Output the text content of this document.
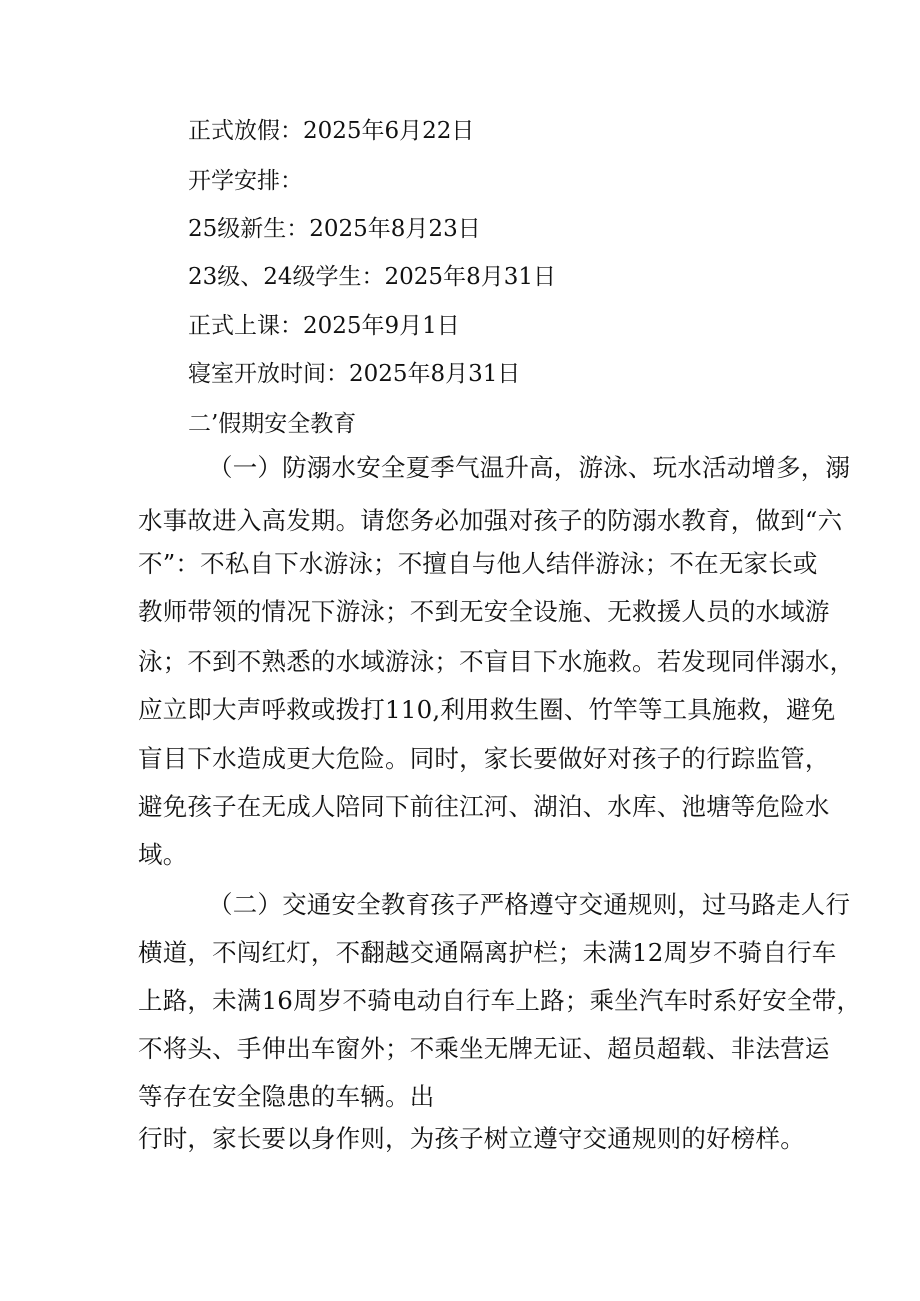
正式放假：2025年6月22日
开学安排：
25级新生：2025年8月23日
23级、24级学生：2025年8月31日
正式上课：2025年9月1日
寝室开放时间：2025年8月31日
二’假期安全教育
（一）防溺水安全夏季气温升高，游泳、玩水活动增多，溺
水事故进入高发期。请您务必加强对孩子的防溺水教育，做到“六
不”：不私自下水游泳；不擅自与他人结伴游泳；不在无家长或
教师带领的情况下游泳；不到无安全设施、无救援人员的水域游
泳；不到不熟悉的水域游泳；不盲目下水施救。若发现同伴溺水，
应立即大声呼救或拨打110,利用救生圈、竹竿等工具施救，避免
盲目下水造成更大危险。同时，家长要做好对孩子的行踪监管，
避免孩子在无成人陪同下前往江河、湖泊、水库、池塘等危险水
域。
（二）交通安全教育孩子严格遵守交通规则，过马路走人行
横道，不闯红灯，不翻越交通隔离护栏；未满12周岁不骑自行车
上路，未满16周岁不骑电动自行车上路；乘坐汽车时系好安全带，
不将头、手伸出车窗外；不乘坐无牌无证、超员超载、非法营运
等存在安全隐患的车辆。出
行时，家长要以身作则，为孩子树立遵守交通规则的好榜样。
